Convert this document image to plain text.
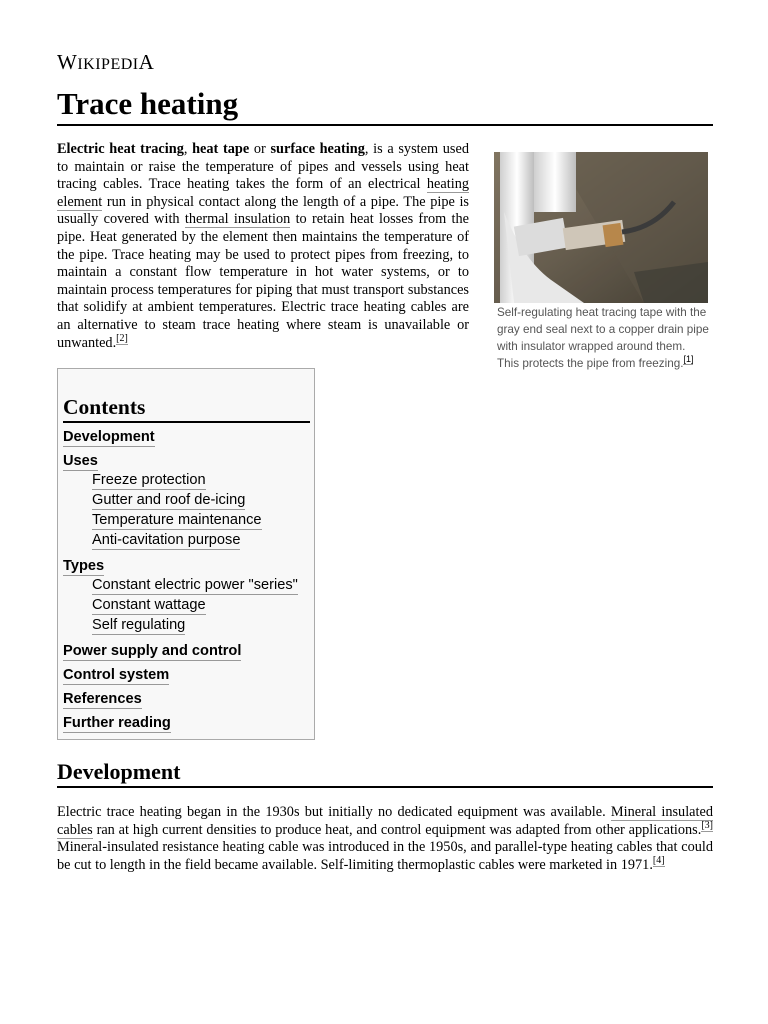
WIKIPEDIA
Trace heating

Electric heat tracing, heat tape or surface heating, is a system used to maintain or raise the temperature of pipes and vessels using heat tracing cables. Trace heating takes the form of an electrical heating element run in physical contact along the length of a pipe. The pipe is usually covered with thermal insulation to retain heat losses from the pipe. Heat generated by the element then maintains the temperature of the pipe. Trace heating may be used to protect pipes from freezing, to maintain a constant flow temperature in hot water systems, or to maintain process temperatures for piping that must transport substances that solidify at ambient temperatures. Electric trace heating cables are an alternative to steam trace heating where steam is unavailable or unwanted.[2]

Self-regulating heat tracing tape with the gray end seal next to a copper drain pipe with insulator wrapped around them. This protects the pipe from freezing.[1]
Contents
Development
Uses
Freeze protection
Gutter and roof de-icing
Temperature maintenance
Anti-cavitation purpose
Types
Constant electric power "series"
Constant wattage
Self regulating
Power supply and control
Control system
References
Further reading
Development

Electric trace heating began in the 1930s but initially no dedicated equipment was available. Mineral insulated cables ran at high current densities to produce heat, and control equipment was adapted from other applications.[3] Mineral-insulated resistance heating cable was introduced in the 1950s, and parallel-type heating cables that could be cut to length in the field became available. Self-limiting thermoplastic cables were marketed in 1971.[4]
